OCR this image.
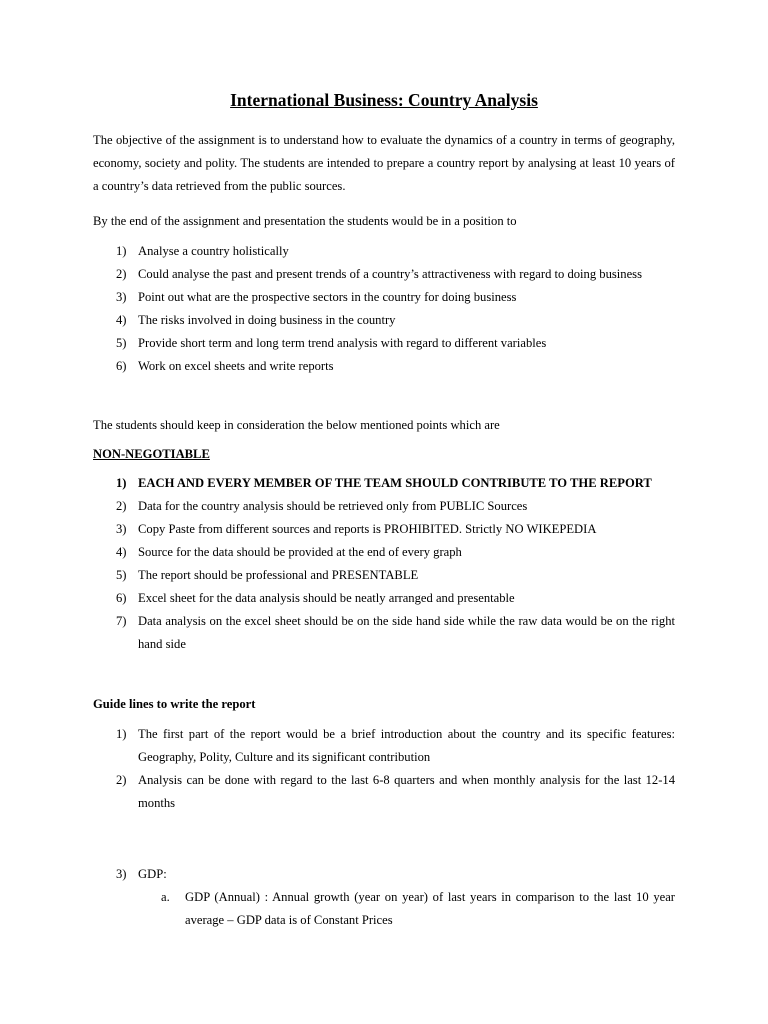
International Business: Country Analysis

The objective of the assignment is to understand how to evaluate the dynamics of a country in terms of geography, economy, society and polity. The students are intended to prepare a country report by analysing at least 10 years of a country’s data retrieved from the public sources.

By the end of the assignment and presentation the students would be in a position to

1) Analyse a country holistically
2) Could analyse the past and present trends of a country’s attractiveness with regard to doing business
3) Point out what are the prospective sectors in the country for doing business
4) The risks involved in doing business in the country
5) Provide short term and long term trend analysis with regard to different variables
6) Work on excel sheets and write reports

The students should keep in consideration the below mentioned points which are

NON-NEGOTIABLE

1) EACH AND EVERY MEMBER OF THE TEAM SHOULD CONTRIBUTE TO THE REPORT
2) Data for the country analysis should be retrieved only from PUBLIC Sources
3) Copy Paste from different sources and reports is PROHIBITED. Strictly NO WIKEPEDIA
4) Source for the data should be provided at the end of every graph
5) The report should be professional and PRESENTABLE
6) Excel sheet for the data analysis should be neatly arranged and presentable
7) Data analysis on the excel sheet should be on the side hand side while the raw data would be on the right hand side

Guide lines to write the report

1) The first part of the report would be a brief introduction about the country and its specific features: Geography, Polity, Culture and its significant contribution
2) Analysis can be done with regard to the last 6-8 quarters and when monthly analysis for the last 12-14 months
3) GDP:
a. GDP (Annual) : Annual growth (year on year) of last years in comparison to the last 10 year average – GDP data is of Constant Prices
